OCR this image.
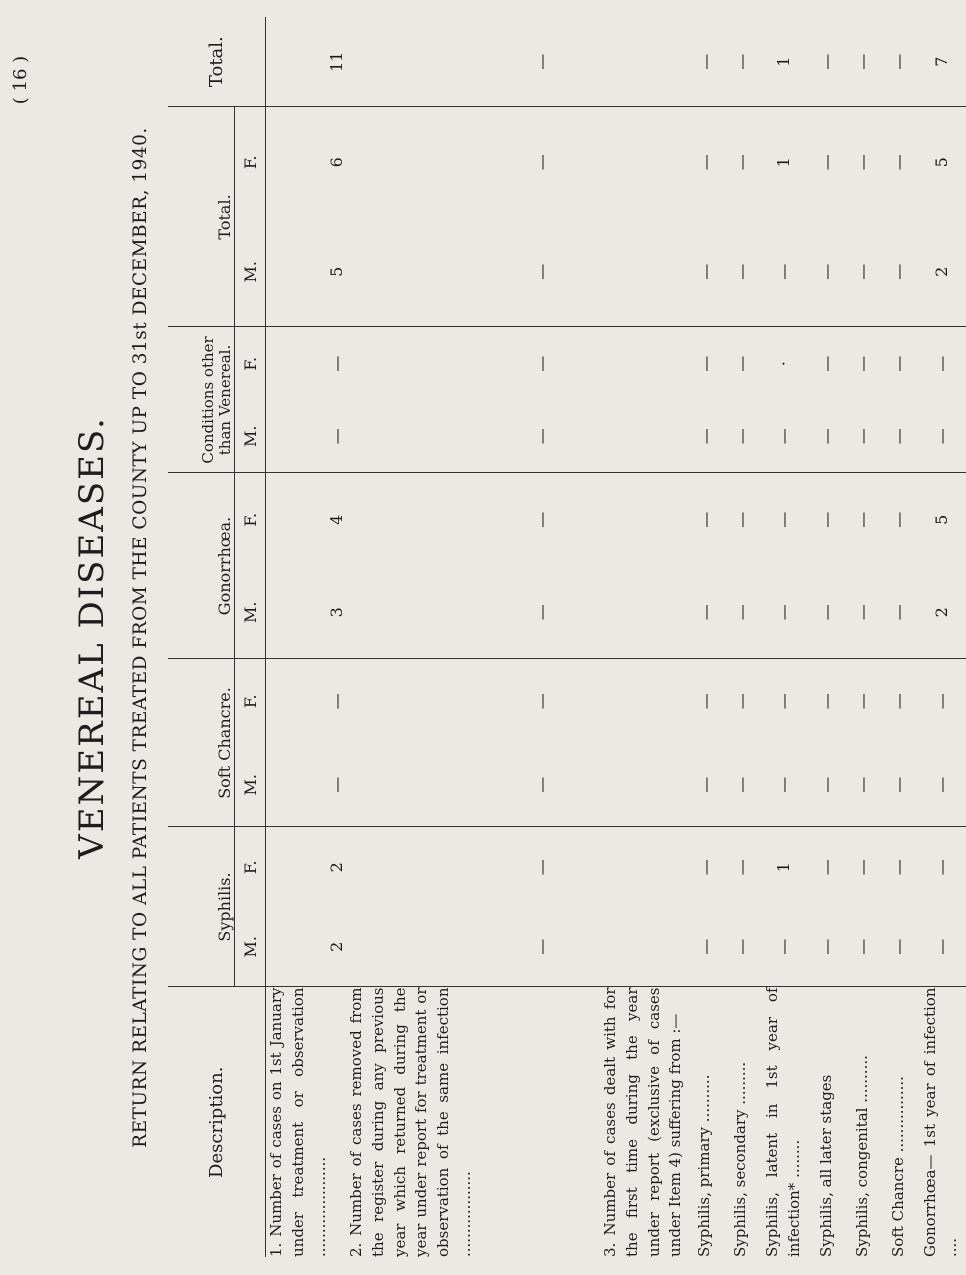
( 16 )
VENEREAL DISEASES. RETURN RELATING TO ALL PATIENTS TREATED FROM THE COUNTY UP TO 31st DECEMBER, 1940.	Description.	Syphilis.		Soft Chancre.		Gonorrhœa.		Conditions other than Venereal.		Total.		Total.
	M.	F.	M.	F.	M.	F.	M.	F.	M.	F.	
1. Number of cases on 1st January under treatment or observation .....................	2	2	—	—	3	4	—	—	5	6	11
2. Number of cases removed from the register during any previous year which returned during the year under report for treatment or observation of the same infection ..................	—	—	—	—	—	—	—	—	—	—	—
3. Number of cases dealt with for the first time during the year under report (exclusive of cases under Item 4) suffering from :—											
Syphilis, primary ..........	—	—	—	—	—	—	—	—	—	—	—
Syphilis, secondary .........	—	—	—	—	—	—	—	—	—	—	—
Syphilis, latent in 1st year of infection* ........	—	1	—	—	—	—	—	·	—	1	1
Syphilis, all later stages	—	—	—	—	—	—	—	—	—	—	—
Syphilis, congenital ..........	—	—	—	—	—	—	—	—	—	—	—
Soft Chancre ................	—	—	—	—	—	—	—	—	—	—	—
Gonorrhœa— 1st year of infection ....	—	—	—	—	2	5	—	—	2	5	7
